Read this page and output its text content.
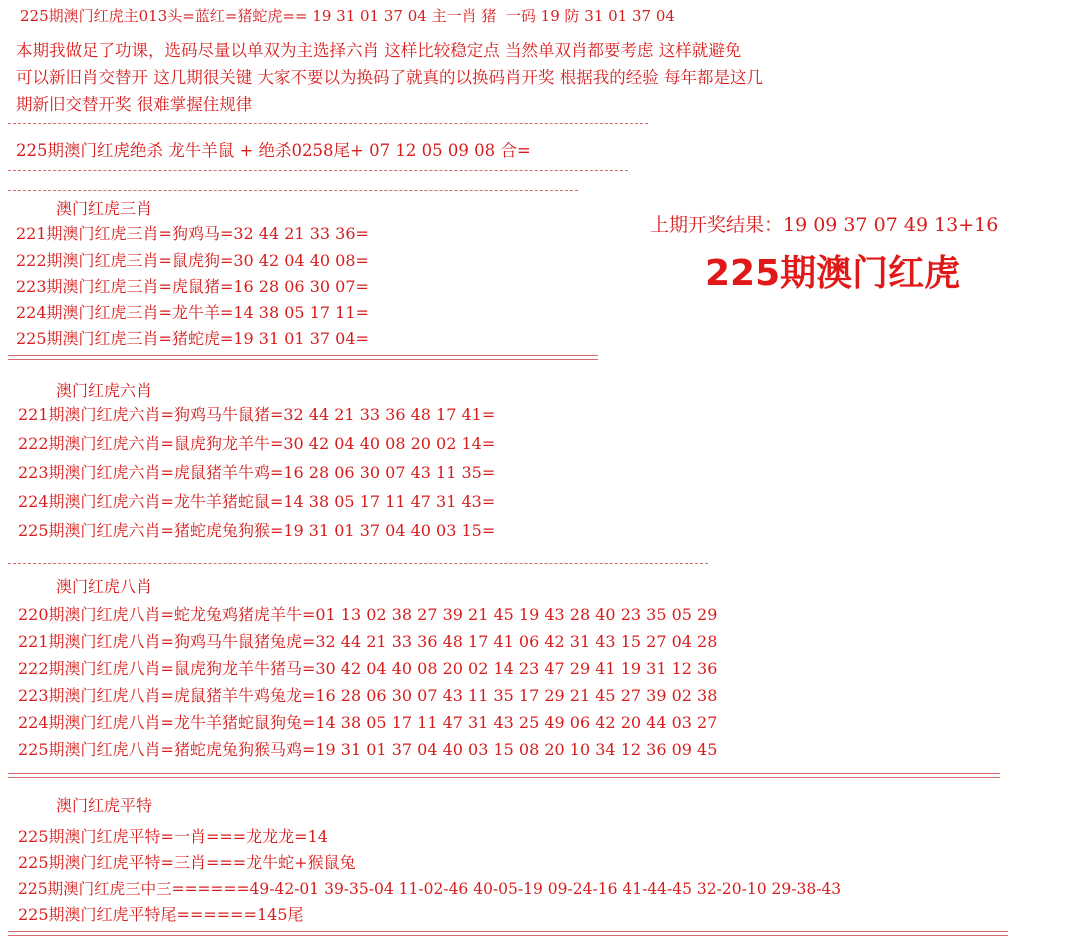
225期澳门红虎主013头=蓝红=猪蛇虎== 19 31 01 37 04 主一肖 猪  一码 19 防 31 01 37 04
本期我做足了功课，选码尽量以单双为主选择六肖 这样比较稳定点 当然单双肖都要考虑 这样就避免
可以新旧肖交替开 这几期很关键 大家不要以为换码了就真的以换码肖开奖 根据我的经验 每年都是这几
期新旧交替开奖 很难掌握住规律
225期澳门红虎绝杀 龙牛羊鼠 + 绝杀0258尾+ 07 12 05 09 08 合=
上期开奖结果：19 09 37 07 49 13+16
225期澳门红虎
澳门红虎三肖
221期澳门红虎三肖=狗鸡马=32 44 21 33 36=
222期澳门红虎三肖=鼠虎狗=30 42 04 40 08=
223期澳门红虎三肖=虎鼠猪=16 28 06 30 07=
224期澳门红虎三肖=龙牛羊=14 38 05 17 11=
225期澳门红虎三肖=猪蛇虎=19 31 01 37 04=
澳门红虎六肖
221期澳门红虎六肖=狗鸡马牛鼠猪=32 44 21 33 36 48 17 41=
222期澳门红虎六肖=鼠虎狗龙羊牛=30 42 04 40 08 20 02 14=
223期澳门红虎六肖=虎鼠猪羊牛鸡=16 28 06 30 07 43 11 35=
224期澳门红虎六肖=龙牛羊猪蛇鼠=14 38 05 17 11 47 31 43=
225期澳门红虎六肖=猪蛇虎兔狗猴=19 31 01 37 04 40 03 15=
澳门红虎八肖
220期澳门红虎八肖=蛇龙兔鸡猪虎羊牛=01 13 02 38 27 39 21 45 19 43 28 40 23 35 05 29
221期澳门红虎八肖=狗鸡马牛鼠猪兔虎=32 44 21 33 36 48 17 41 06 42 31 43 15 27 04 28
222期澳门红虎八肖=鼠虎狗龙羊牛猪马=30 42 04 40 08 20 02 14 23 47 29 41 19 31 12 36
223期澳门红虎八肖=虎鼠猪羊牛鸡兔龙=16 28 06 30 07 43 11 35 17 29 21 45 27 39 02 38
224期澳门红虎八肖=龙牛羊猪蛇鼠狗兔=14 38 05 17 11 47 31 43 25 49 06 42 20 44 03 27
225期澳门红虎八肖=猪蛇虎兔狗猴马鸡=19 31 01 37 04 40 03 15 08 20 10 34 12 36 09 45
澳门红虎平特
225期澳门红虎平特=一肖===龙龙龙=14
225期澳门红虎平特=三肖===龙牛蛇+猴鼠兔
225期澳门红虎三中三======49-42-01 39-35-04 11-02-46 40-05-19 09-24-16 41-44-45 32-20-10 29-38-43
225期澳门红虎平特尾======145尾
